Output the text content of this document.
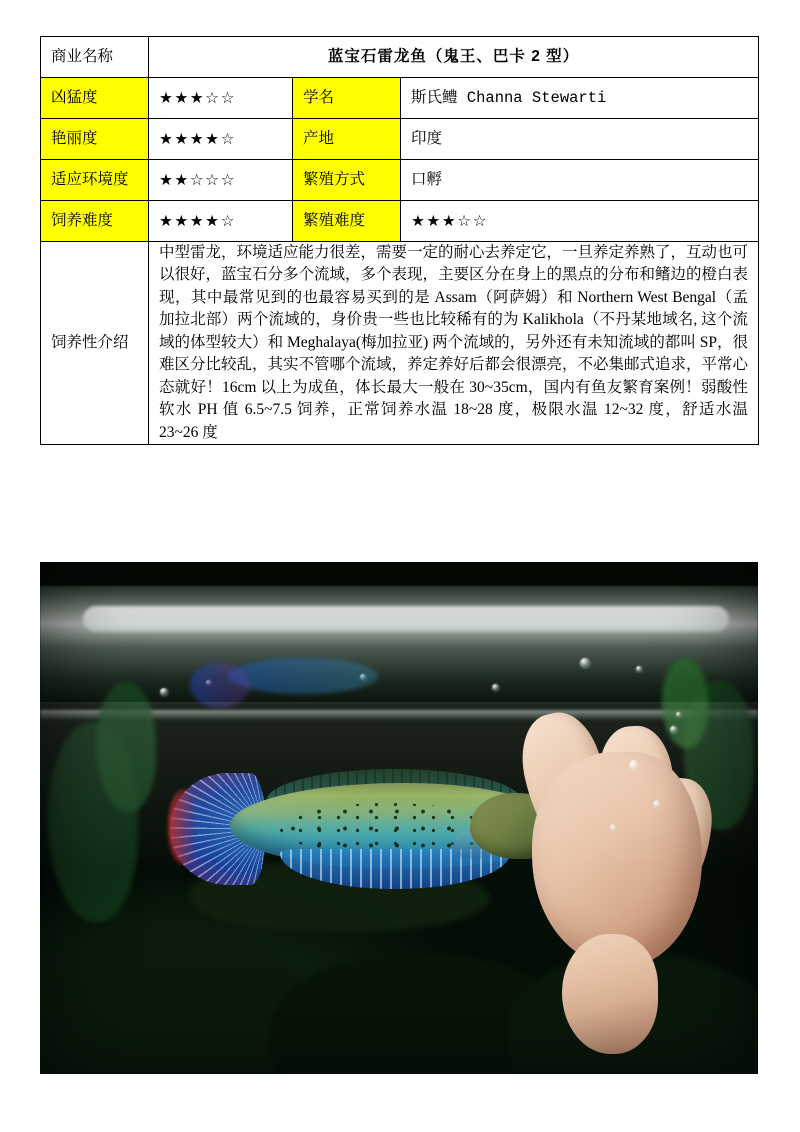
商业名称	蓝宝石雷龙鱼（鬼王、巴卡 2 型）		
凶猛度	★★★☆☆	学名	斯氏鳢 Channa Stewarti
艳丽度	★★★★☆	产地	印度
适应环境度	★★☆☆☆	繁殖方式	口孵
饲养难度	★★★★☆	繁殖难度	★★★☆☆
饲养性介绍	中型雷龙，环境适应能力很差，需要一定的耐心去养定它，一旦养定养熟了，互动也可以很好，蓝宝石分多个流域，多个表现，主要区分在身上的黑点的分布和鳍边的橙白表现，其中最常见到的也最容易买到的是 Assam（阿萨姆）和 Northern West Bengal（孟加拉北部）两个流域的，身价贵一些也比较稀有的为 Kalikhola（不丹某地域名, 这个流域的体型较大）和 Meghalaya(梅加拉亚) 两个流域的，另外还有未知流域的都叫 SP，很难区分比较乱，其实不管哪个流域，养定养好后都会很漂亮，不必集邮式追求，平常心态就好！16cm 以上为成鱼，体长最大一般在 30~35cm，国内有鱼友繁育案例！弱酸性软水 PH 值 6.5~7.5 饲养，正常饲养水温 18~28 度，极限水温 12~32 度，舒适水温 23~26 度		
